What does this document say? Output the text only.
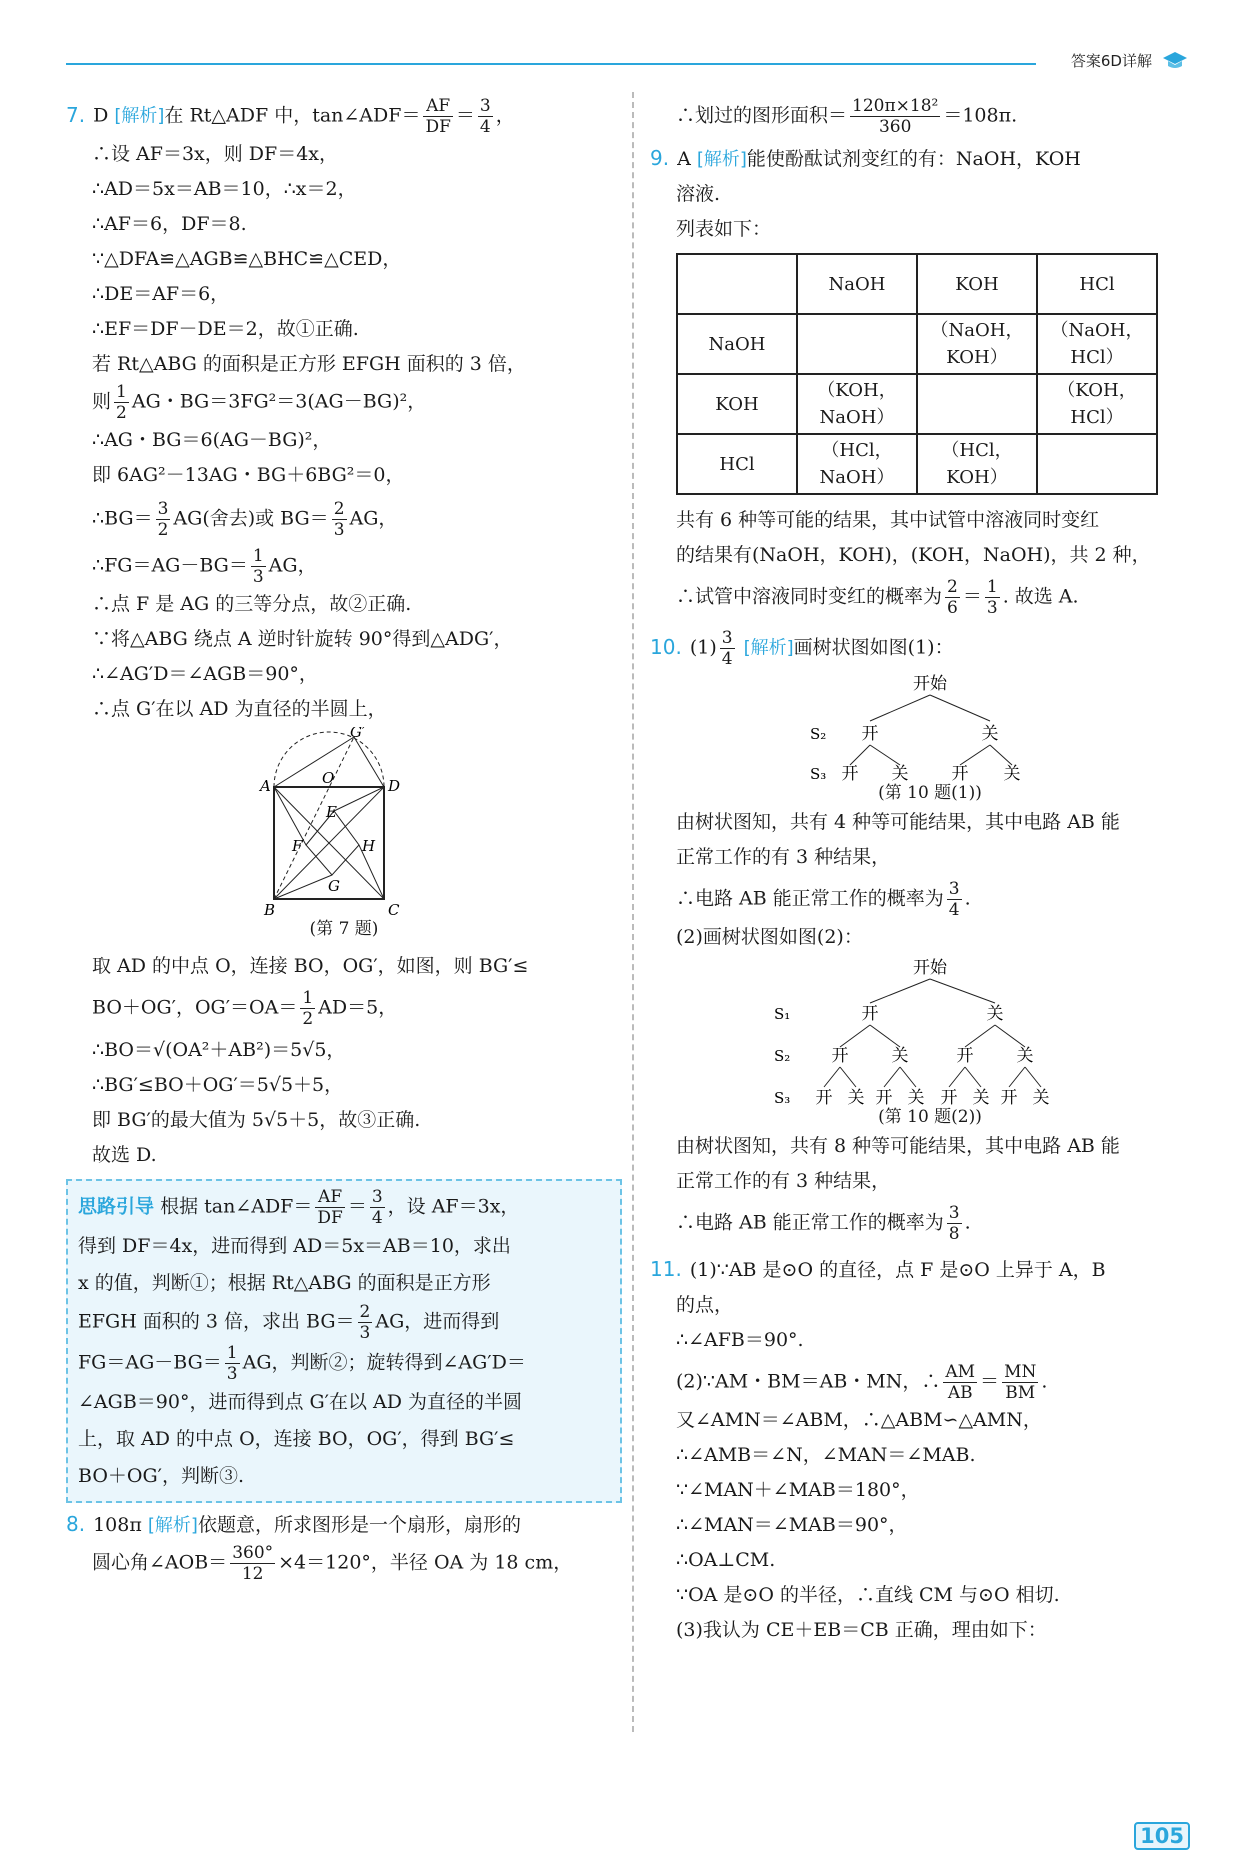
答案6D详解
7. D [解析]在 Rt△ADF 中，tan∠ADF＝ $\frac{AF}{DF} = \frac{3}{4}$ ，
∴设 AF＝3x，则 DF＝4x，
∴AD＝5x＝AB＝10，∴x＝2，
∴AF＝6，DF＝8.
∵△DFA≌△AGB≌△BHC≌△CED，
∴DE＝AF＝6，
∴EF＝DF－DE＝2，故①正确.
若 Rt△ABG 的面积是正方形 EFGH 面积的 3 倍，
则 $\frac{1}{2}$ AG・BG＝3FG²＝3(AG－BG)²，
∴AG・BG＝6(AG－BG)²，
即 6AG²－13AG・BG＋6BG²＝0，
∴BG＝ $\frac{3}{2} AG$(舍去)或 $BG= \frac{2}{3}$ AG，
∴FG＝AG－BG＝ $\frac{1}{3}$ AG，
∴点 F 是 AG 的三等分点，故②正确.
∵将△ABG 绕点 A 逆时针旋转 90°得到△ADG′，
∴∠AG′D＝∠AGB＝90°，
∴点 G′在以 AD 为直径的半圆上，
A	D
B	C
O
G′
E
F
G
H
(第 7 题)
取 AD 的中点 O，连接 BO，OG′，如图，则 BG′≤
BO＋OG′，$OG'=OA= \frac{1}{2} AD=5$，
∴BO＝√(OA²＋AB²)＝5√5，
∴BG′≤BO＋OG′＝5√5＋5，
即 BG′的最大值为 5√5＋5，故③正确.
故选 D.
思路引导 根据 tan∠ADF＝ $\frac{AF}{DF} = \frac{3}{4}$ ，设 AF＝3x，
得到 DF＝4x，进而得到 AD＝5x＝AB＝10，求出
x 的值，判断①；根据 Rt△ABG 的面积是正方形
EFGH 面积的 3 倍，求出 $BG= \frac{2}{3}$ AG，进而得到
$FG=AG-BG= \frac{1}{3}$ AG，判断②；旋转得到∠AG′D＝
∠AGB＝90°，进而得到点 G′在以 AD 为直径的半圆
上，取 AD 的中点 O，连接 BO，OG′，得到 BG′≤
BO＋OG′，判断③.
8. 108π [解析]依题意，所求图形是一个扇形，扇形的
圆心角∠AOB＝ $\frac{360^\circ}{12} \times 4=120^\circ$，半径 OA 为 18 cm，
∴划过的图形面积＝ $\frac{\text{120π×18²}}{360} =108\pi$.
9. A [解析]能使酚酞试剂变红的有：NaOH，KOH
溶液.
列表如下：
	NaOH	KOH	HCl
NaOH		（NaOH，KOH）	（NaOH，HCl）
KOH	（KOH，NaOH）		（KOH，HCl）
HCl	（HCl，NaOH）	（HCl，KOH）	
共有 6 种等可能的结果，其中试管中溶液同时变红
的结果有(NaOH，KOH)，(KOH，NaOH)，共 2 种，
∴试管中溶液同时变红的概率为 $\frac{2}{6} = \frac{1}{3}$ . 故选 A.
10. $(1) \frac{3}{4}$ [解析]画树状图如图(1)：
开始
S₂ 开	关
S₃ 开 关	开 关
(第 10 题(1))
由树状图知，共有 4 种等可能结果，其中电路 AB 能
正常工作的有 3 种结果，
∴电路 AB 能正常工作的概率为 $\frac{3}{4}$ .
(2)画树状图如图(2)：
开始
S₁	开	关
S₂ 开	关	开	关
S₃ 开 关 开 关 开 关 开 关
(第 10 题(2))
由树状图知，共有 8 种等可能结果，其中电路 AB 能
正常工作的有 3 种结果，
∴电路 AB 能正常工作的概率为 $\frac{3}{8}$ .
11. (1)∵AB 是⊙O 的直径，点 F 是⊙O 上异于 A，B
的点，
∴∠AFB＝90°.
(2)∵AM・BM＝AB・MN，∴ $\frac{AM}{AB} = \frac{MN}{BM}$ .
又∠AMN＝∠ABM，∴△ABM∽△AMN，
∴∠AMB＝∠N，∠MAN＝∠MAB.
∵∠MAN＋∠MAB＝180°，
∴∠MAN＝∠MAB＝90°，
∴OA⊥CM.
∵OA 是⊙O 的半径，∴直线 CM 与⊙O 相切.
(3)我认为 CE＋EB＝CB 正确，理由如下：
105
